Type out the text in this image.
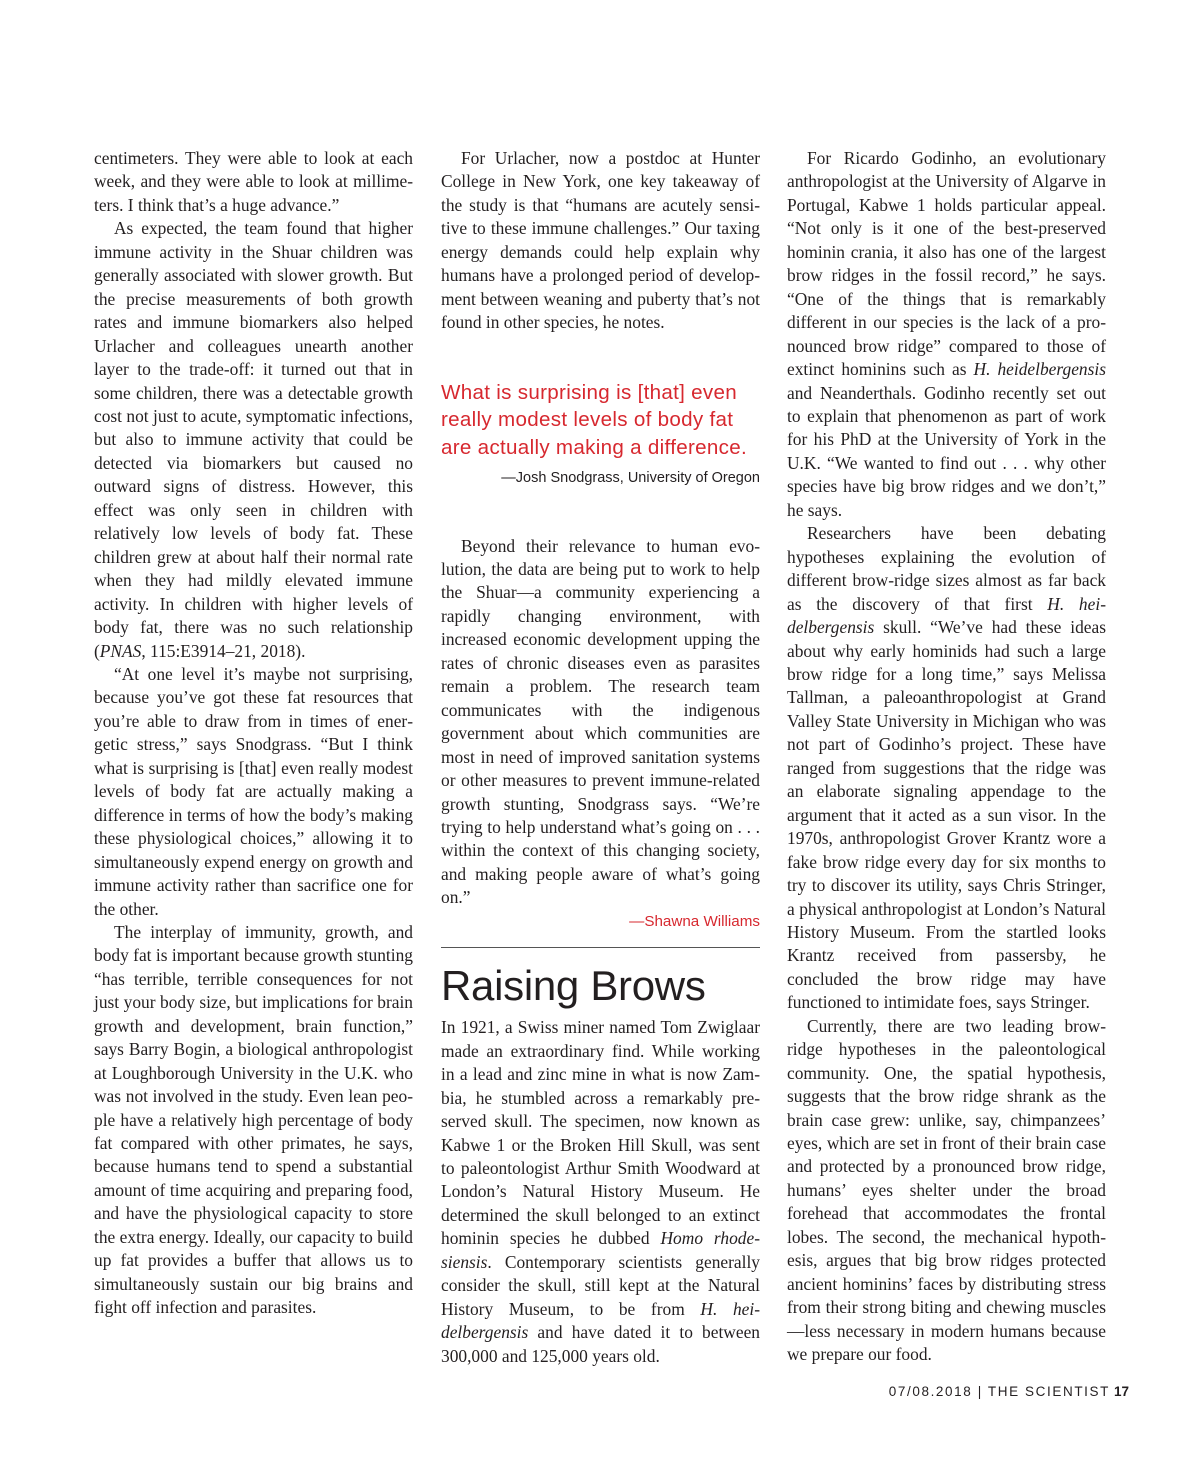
centimeters. They were able to look at each week, and they were able to look at millimeters. I think that’s a huge advance.”

As expected, the team found that higher immune activity in the Shuar children was generally associated with slower growth. But the precise measurements of both growth rates and immune biomarkers also helped Urlacher and colleagues unearth another layer to the trade-off: it turned out that in some children, there was a detectable growth cost not just to acute, symptomatic infections, but also to immune activity that could be detected via biomarkers but caused no outward signs of distress. However, this effect was only seen in children with relatively low levels of body fat. These children grew at about half their normal rate when they had mildly elevated immune activity. In children with higher levels of body fat, there was no such relationship (PNAS, 115:E3914–21, 2018).

“At one level it’s maybe not surprising, because you’ve got these fat resources that you’re able to draw from in times of energetic stress,” says Snodgrass. “But I think what is surprising is [that] even really modest levels of body fat are actually making a difference in terms of how the body’s making these physiological choices,” allowing it to simultaneously expend energy on growth and immune activity rather than sacrifice one for the other.

The interplay of immunity, growth, and body fat is important because growth stunting “has terrible, terrible consequences for not just your body size, but implications for brain growth and development, brain function,” says Barry Bogin, a biological anthropologist at Loughborough University in the U.K. who was not involved in the study. Even lean people have a relatively high percentage of body fat compared with other primates, he says, because humans tend to spend a substantial amount of time acquiring and preparing food, and have the physiological capacity to store the extra energy. Ideally, our capacity to build up fat provides a buffer that allows us to simultaneously sustain our big brains and fight off infection and parasites.

For Urlacher, now a postdoc at Hunter College in New York, one key takeaway of the study is that “humans are acutely sensitive to these immune challenges.” Our taxing energy demands could help explain why humans have a prolonged period of development between weaning and puberty that’s not found in other species, he notes.

What is surprising is [that] even really modest levels of body fat are actually making a difference.
—Josh Snodgrass, University of Oregon

Beyond their relevance to human evolution, the data are being put to work to help the Shuar—a community experiencing a rapidly changing environment, with increased economic development upping the rates of chronic diseases even as parasites remain a problem. The research team communicates with the indigenous government about which communities are most in need of improved sanitation systems or other measures to prevent immune-related growth stunting, Snodgrass says. “We’re trying to help understand what’s going on . . . within the context of this changing society, and making people aware of what’s going on.”

—Shawna Williams
Raising Brows

In 1921, a Swiss miner named Tom Zwiglaar made an extraordinary find. While working in a lead and zinc mine in what is now Zambia, he stumbled across a remarkably preserved skull. The specimen, now known as Kabwe 1 or the Broken Hill Skull, was sent to paleontologist Arthur Smith Woodward at London’s Natural History Museum. He determined the skull belonged to an extinct hominin species he dubbed Homo rhodesiensis. Contemporary scientists generally consider the skull, still kept at the Natural History Museum, to be from H. heidelbergensis and have dated it to between 300,000 and 125,000 years old.

For Ricardo Godinho, an evolutionary anthropologist at the University of Algarve in Portugal, Kabwe 1 holds particular appeal. “Not only is it one of the best-preserved hominin crania, it also has one of the largest brow ridges in the fossil record,” he says. “One of the things that is remarkably different in our species is the lack of a pronounced brow ridge” compared to those of extinct hominins such as H. heidelbergensis and Neanderthals. Godinho recently set out to explain that phenomenon as part of work for his PhD at the University of York in the U.K. “We wanted to find out . . . why other species have big brow ridges and we don’t,” he says.

Researchers have been debating hypotheses explaining the evolution of different brow-ridge sizes almost as far back as the discovery of that first H. heidelbergensis skull. “We’ve had these ideas about why early hominids had such a large brow ridge for a long time,” says Melissa Tallman, a paleoanthropologist at Grand Valley State University in Michigan who was not part of Godinho’s project. These have ranged from suggestions that the ridge was an elaborate signaling appendage to the argument that it acted as a sun visor. In the 1970s, anthropologist Grover Krantz wore a fake brow ridge every day for six months to try to discover its utility, says Chris Stringer, a physical anthropologist at London’s Natural History Museum. From the startled looks Krantz received from passersby, he concluded the brow ridge may have functioned to intimidate foes, says Stringer.

Currently, there are two leading brow-ridge hypotheses in the paleontological community. One, the spatial hypothesis, suggests that the brow ridge shrank as the brain case grew: unlike, say, chimpanzees’ eyes, which are set in front of their brain case and protected by a pronounced brow ridge, humans’ eyes shelter under the broad forehead that accommodates the frontal lobes. The second, the mechanical hypothesis, argues that big brow ridges protected ancient hominins’ faces by distributing stress from their strong biting and chewing muscles—less necessary in modern humans because we prepare our food.

07/08.2018 | THE SCIENTIST 17
